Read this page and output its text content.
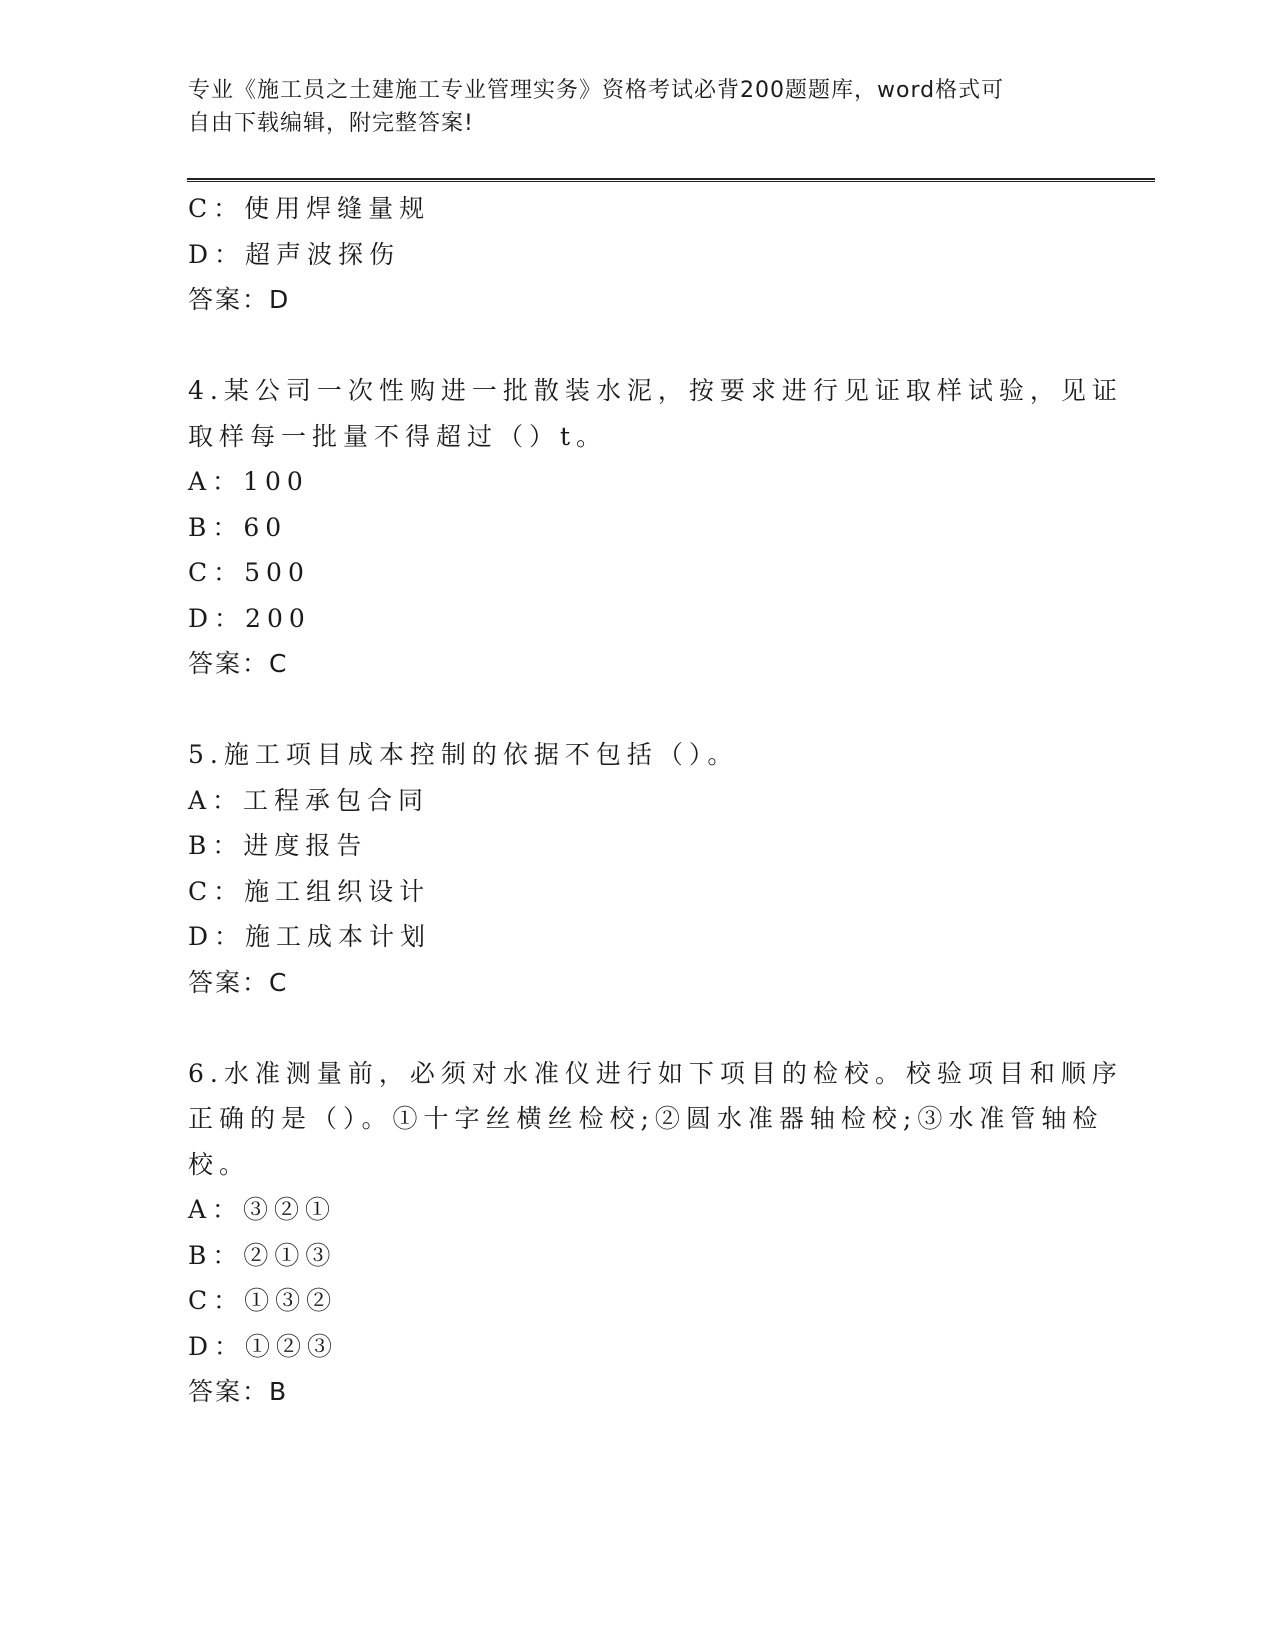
专业《施工员之土建施工专业管理实务》资格考试必背200题题库，word格式可
自由下载编辑，附完整答案!
C：使用焊缝量规
D：超声波探伤
答案：D
4.某公司一次性购进一批散装水泥，按要求进行见证取样试验，见证
取样每一批量不得超过（）t。
A：100
B：60
C：500
D：200
答案：C
5.施工项目成本控制的依据不包括（）。
A：工程承包合同
B：进度报告
C：施工组织设计
D：施工成本计划
答案：C
6.水准测量前，必须对水准仪进行如下项目的检校。校验项目和顺序
正确的是（）。①十字丝横丝检校;②圆水准器轴检校;③水准管轴检
校。
A：③②①
B：②①③
C：①③②
D：①②③
答案：B
